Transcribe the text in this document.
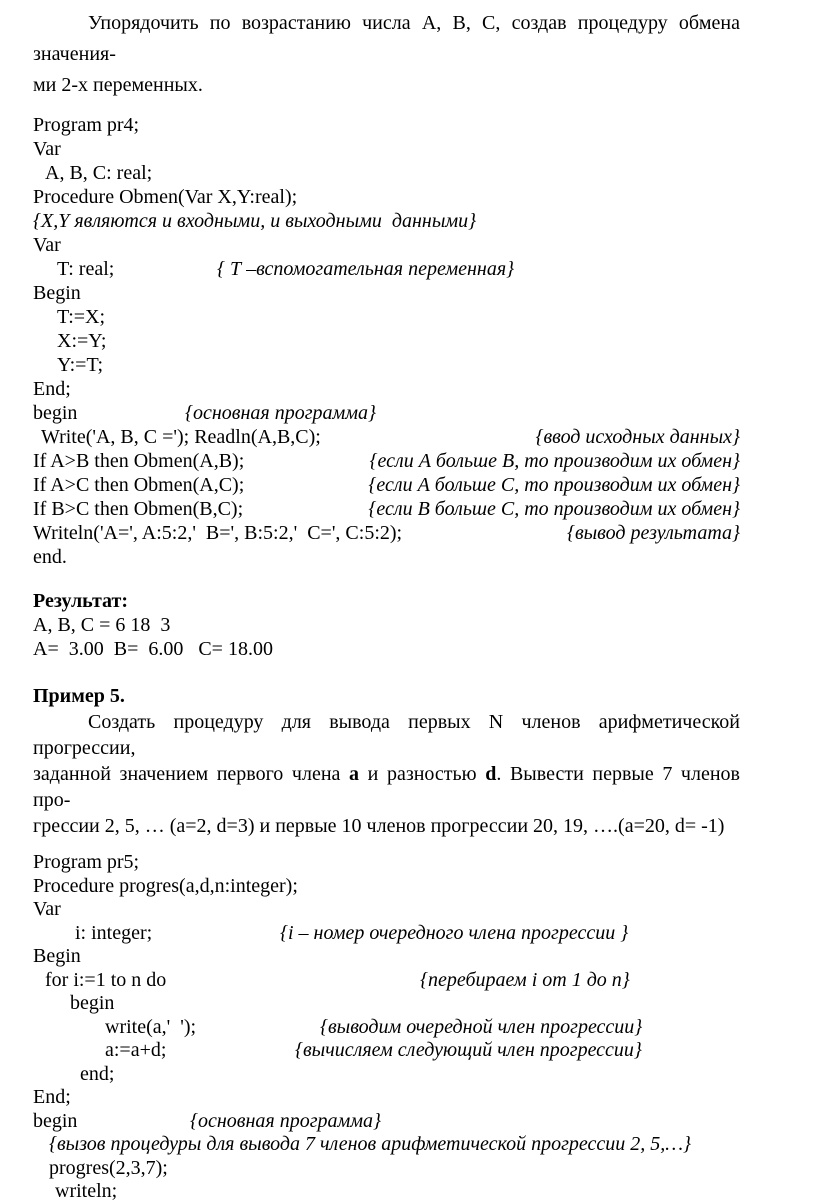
Упорядочить по возрастанию числа А, В, С, создав процедуру обмена значения-
ми 2-х переменных.
Program pr4;
Var
A, B, C: real;
Procedure Obmen(Var X,Y:real);
{X,Y являются и входными, и выходными  данными}
Var
T: real;	{ Т –вспомогательная переменная}
Begin
T:=X;
X:=Y;
Y:=T;
End;
begin	{основная программа}
Write('A, B, C ='); Readln(A,B,C);	{ввод исходных данных}
If A>B then Obmen(A,B);	{если А больше В, то производим их обмен}
If A>C then Obmen(A,C);	{если А больше С, то производим их обмен}
If B>C then Obmen(B,C);	{если В больше С, то производим их обмен}
Writeln('A=', A:5:2,'  B=', B:5:2,'  C=', C:5:2);	{вывод результата}
end.
Результат:
А, В, С = 6 18  3
А=  3.00  В=  6.00   С= 18.00
Пример 5.
Создать процедуру для вывода первых N членов арифметической прогрессии,
заданной значением первого члена a и разностью d. Вывести первые 7 членов про-
грессии 2, 5, … (a=2, d=3) и первые 10 членов прогрессии 20, 19, ….(a=20, d= -1)
Program pr5;
Procedure progres(a,d,n:integer);
Var
i: integer;	{i – номер очередного члена прогрессии }
Begin
for i:=1 to n do	{перебираем i от 1 до n}
begin
write(a,'  ');	{выводим очередной член прогрессии}
a:=a+d;	{вычисляем следующий член прогрессии}
end;
End;
begin	{основная программа}
{вызов процедуры для вывода 7 членов арифметической прогрессии 2, 5,…}
progres(2,3,7);
writeln;
